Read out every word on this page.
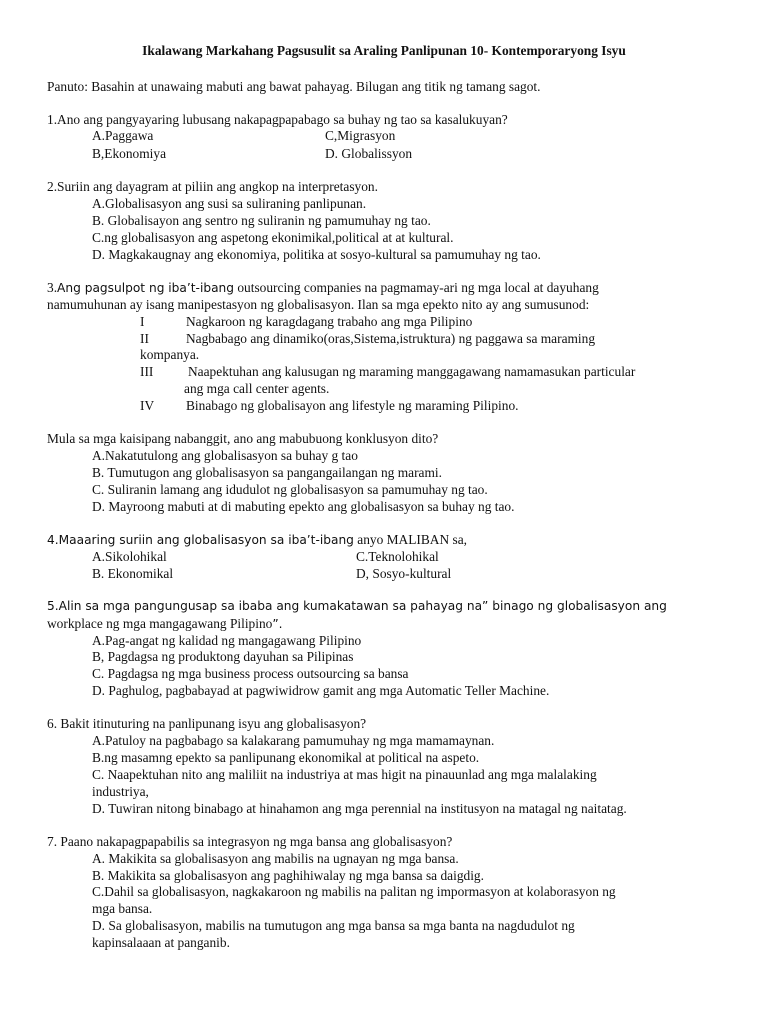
Ikalawang Markahang Pagsusulit sa Araling Panlipunan 10- Kontemporaryong Isyu
Panuto: Basahin at unawaing mabuti ang bawat pahayag. Bilugan ang titik ng tamang sagot.
1.Ano ang pangyayaring lubusang nakapagpapabago sa buhay ng tao sa kasalukuyan?
A.Paggawa	C,Migrasyon
B,Ekonomiya	D. Globalissyon
2.Suriin ang dayagram at piliin ang angkop na interpretasyon.
A.Globalisasyon ang susi sa suliraning panlipunan.
B. Globalisayon ang sentro ng suliranin ng pamumuhay ng tao.
C.ng globalisasyon ang aspetong ekonimikal,political at at kultural.
D. Magkakaugnay ang ekonomiya, politika at sosyo-kultural sa pamumuhay ng tao.
3.Ang pagsulpot ng iba’t-ibang outsourcing companies na pagmamay-ari ng mga local at dayuhang
namumuhunan ay isang manipestasyon ng globalisasyon. Ilan sa mga epekto nito ay ang sumusunod:
I	Nagkaroon ng karagdagang trabaho ang mga Pilipino
II	Nagbabago ang dinamiko(oras,Sistema,istruktura) ng paggawa sa maraming
kompanya.
III	Naapektuhan ang kalusugan ng maraming manggagawang namamasukan particular
ang mga call center agents.
IV Binabago ng globalisayon ang lifestyle ng maraming Pilipino.
Mula sa mga kaisipang nabanggit, ano ang mabubuong konklusyon dito?
A.Nakatutulong ang globalisasyon sa buhay g tao
B. Tumutugon ang globalisasyon sa pangangailangan ng marami.
C. Suliranin lamang ang idudulot ng globalisasyon sa pamumuhay ng tao.
D. Mayroong mabuti at di mabuting epekto ang globalisasyon sa buhay ng tao.
4.Maaaring suriin ang globalisasyon sa iba’t-ibang anyo MALIBAN sa,
A.Sikolohikal	C.Teknolohikal
B. Ekonomikal	D, Sosyo-kultural
5.Alin sa mga pangungusap sa ibaba ang kumakatawan sa pahayag na” binago ng globalisasyon ang
workplace ng mga mangagawang Pilipino”.
A.Pag-angat ng kalidad ng mangagawang Pilipino
B, Pagdagsa ng produktong dayuhan sa Pilipinas
C. Pagdagsa ng mga business process outsourcing sa bansa
D. Paghulog, pagbabayad at pagwiwidrow gamit ang mga Automatic Teller Machine.
6. Bakit itinuturing na panlipunang isyu ang globalisasyon?
A.Patuloy na pagbabago sa kalakarang pamumuhay ng mga mamamaynan.
B.ng masamng epekto sa panlipunang ekonomikal at political na aspeto.
C. Naapektuhan nito ang maliliit na industriya at mas higit na pinauunlad ang mga malalaking
industriya,
D. Tuwiran nitong binabago at hinahamon ang mga perennial na institusyon na matagal ng naitatag.
7. Paano nakapagpapabilis sa integrasyon ng mga bansa ang globalisasyon?
A. Makikita sa globalisasyon ang mabilis na ugnayan ng mga bansa.
B. Makikita sa globalisasyon ang paghihiwalay ng mga bansa sa daigdig.
C.Dahil sa globalisasyon, nagkakaroon ng mabilis na palitan ng impormasyon at kolaborasyon ng
mga bansa.
D. Sa globalisasyon, mabilis na tumutugon ang mga bansa sa mga banta na nagdudulot ng
kapinsalaaan at panganib.
